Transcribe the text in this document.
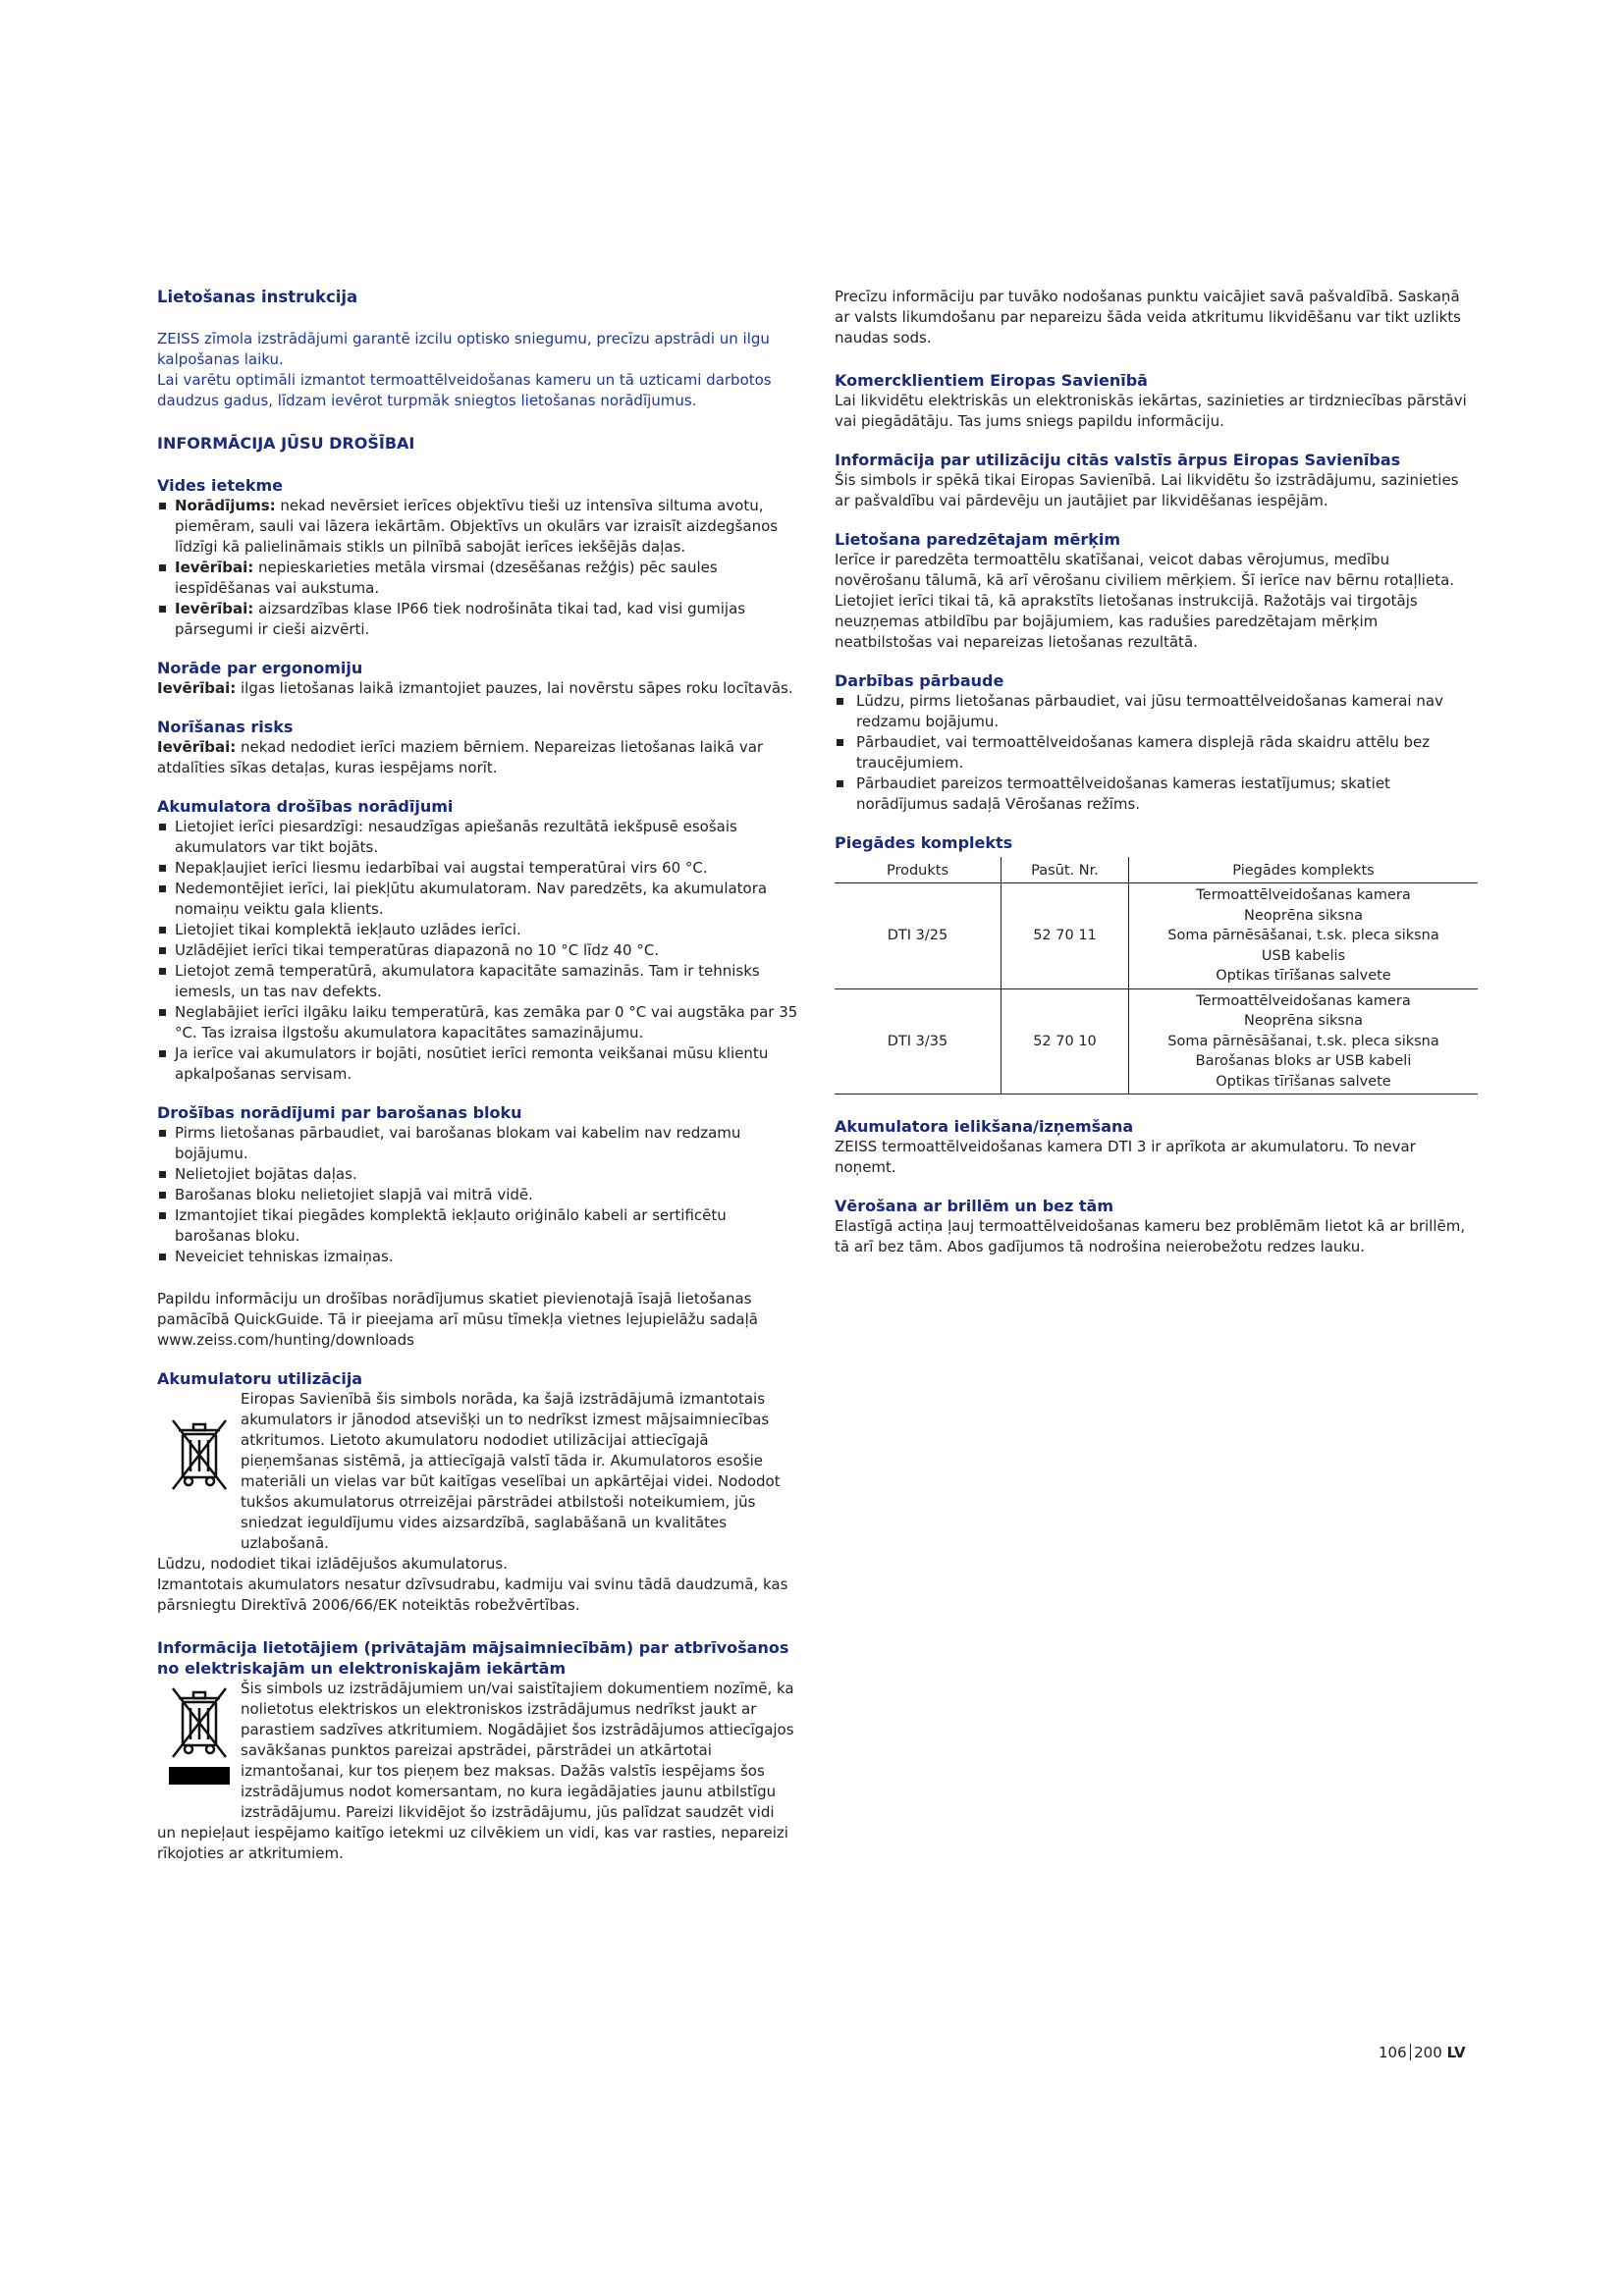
Lietošanas instrukcija

ZEISS zīmola izstrādājumi garantē izcilu optisko sniegumu, precīzu apstrādi un ilgu kalpošanas laiku.

Lai varētu optimāli izmantot termoattēlveidošanas kameru un tā uzticami darbotos daudzus gadus, līdzam ievērot turpmāk sniegtos lietošanas norādījumus.

INFORMĀCIJA JŪSU DROŠĪBAI
Vides ietekme
Norādījums: nekad nevērsiet ierīces objektīvu tieši uz intensīva siltuma avotu, piemēram, sauli vai lāzera iekārtām. Objektīvs un okulārs var izraisīt aizdegšanos līdzīgi kā palielināmais stikls un pilnībā sabojāt ierīces iekšējās daļas.
Ievērībai: nepieskarieties metāla virsmai (dzesēšanas režģis) pēc saules iespīdēšanas vai aukstuma.
Ievērībai: aizsardzības klase IP66 tiek nodrošināta tikai tad, kad visi gumijas pārsegumi ir cieši aizvērti.
Norāde par ergonomiju

Ievērībai: ilgas lietošanas laikā izmantojiet pauzes, lai novērstu sāpes roku locītavās.

Norīšanas risks

Ievērībai: nekad nedodiet ierīci maziem bērniem. Nepareizas lietošanas laikā var atdalīties sīkas detaļas, kuras iespējams norīt.

Akumulatora drošības norādījumi
Lietojiet ierīci piesardzīgi: nesaudzīgas apiešanās rezultātā iekšpusē esošais akumulators var tikt bojāts.
Nepakļaujiet ierīci liesmu iedarbībai vai augstai temperatūrai virs 60 °C.
Nedemontējiet ierīci, lai piekļūtu akumulatoram. Nav paredzēts, ka akumulatora nomaiņu veiktu gala klients.
Lietojiet tikai komplektā iekļauto uzlādes ierīci.
Uzlādējiet ierīci tikai temperatūras diapazonā no 10 °C līdz 40 °C.
Lietojot zemā temperatūrā, akumulatora kapacitāte samazinās. Tam ir tehnisks iemesls, un tas nav defekts.
Neglabājiet ierīci ilgāku laiku temperatūrā, kas zemāka par 0 °C vai augstāka par 35 °C. Tas izraisa ilgstošu akumulatora kapacitātes samazinājumu.
Ja ierīce vai akumulators ir bojāti, nosūtiet ierīci remonta veikšanai mūsu klientu apkalpošanas servisam.
Drošības norādījumi par barošanas bloku
Pirms lietošanas pārbaudiet, vai barošanas blokam vai kabelim nav redzamu bojājumu.
Nelietojiet bojātas daļas.
Barošanas bloku nelietojiet slapjā vai mitrā vidē.
Izmantojiet tikai piegādes komplektā iekļauto oriģinālo kabeli ar sertificētu barošanas bloku.
Neveiciet tehniskas izmaiņas.

Papildu informāciju un drošības norādījumus skatiet pievienotajā īsajā lietošanas pamācībā QuickGuide. Tā ir pieejama arī mūsu tīmekļa vietnes lejupielāžu sadaļā www.zeiss.com/hunting/downloads

Akumulatoru utilizācija

Eiropas Savienībā šis simbols norāda, ka šajā izstrādājumā izmantotais akumulators ir jānodod atsevišķi un to nedrīkst izmest mājsaimniecības atkritumos. Lietoto akumulatoru nododiet utilizācijai attiecīgajā pieņemšanas sistēmā, ja attiecīgajā valstī tāda ir. Akumulatoros esošie materiāli un vielas var būt kaitīgas veselībai un apkārtējai videi. Nododot tukšos akumulatorus otrreizējai pārstrādei atbilstoši noteikumiem, jūs sniedzat ieguldījumu vides aizsardzībā, saglabāšanā un kvalitātes uzlabošanā.

Lūdzu, nododiet tikai izlādējušos akumulatorus.

Izmantotais akumulators nesatur dzīvsudrabu, kadmiju vai svinu tādā daudzumā, kas pārsniegtu Direktīvā 2006/66/EK noteiktās robežvērtības.

Informācija lietotājiem (privātajām mājsaimniecībām) par atbrīvošanos no elektriskajām un elektroniskajām iekārtām

Šis simbols uz izstrādājumiem un/vai saistītajiem dokumentiem nozīmē, ka nolietotus elektriskos un elektroniskos izstrādājumus nedrīkst jaukt ar parastiem sadzīves atkritumiem. Nogādājiet šos izstrādājumos attiecīgajos savākšanas punktos pareizai apstrādei, pārstrādei un atkārtotai izmantošanai, kur tos pieņem bez maksas. Dažās valstīs iespējams šos izstrādājumus nodot komersantam, no kura iegādājaties jaunu atbilstīgu izstrādājumu. Pareizi likvidējot šo izstrādājumu, jūs palīdzat saudzēt vidi

un nepieļaut iespējamo kaitīgo ietekmi uz cilvēkiem un vidi, kas var rasties, nepareizi rīkojoties ar atkritumiem.

Precīzu informāciju par tuvāko nodošanas punktu vaicājiet savā pašvaldībā. Saskaņā ar valsts likumdošanu par nepareizu šāda veida atkritumu likvidēšanu var tikt uzlikts naudas sods.

Komercklientiem Eiropas Savienībā

Lai likvidētu elektriskās un elektroniskās iekārtas, sazinieties ar tirdzniecības pārstāvi vai piegādātāju. Tas jums sniegs papildu informāciju.

Informācija par utilizāciju citās valstīs ārpus Eiropas Savienības

Šis simbols ir spēkā tikai Eiropas Savienībā. Lai likvidētu šo izstrādājumu, sazinieties ar pašvaldību vai pārdevēju un jautājiet par likvidēšanas iespējām.

Lietošana paredzētajam mērķim

Ierīce ir paredzēta termoattēlu skatīšanai, veicot dabas vērojumus, medību novērošanu tālumā, kā arī vērošanu civiliem mērķiem. Šī ierīce nav bērnu rotaļlieta. Lietojiet ierīci tikai tā, kā aprakstīts lietošanas instrukcijā. Ražotājs vai tirgotājs neuzņemas atbildību par bojājumiem, kas radušies paredzētajam mērķim neatbilstošas vai nepareizas lietošanas rezultātā.

Darbības pārbaude
Lūdzu, pirms lietošanas pārbaudiet, vai jūsu termoattēlveidošanas kamerai nav redzamu bojājumu.
Pārbaudiet, vai termoattēlveidošanas kamera displejā rāda skaidru attēlu bez traucējumiem.
Pārbaudiet pareizos termoattēlveidošanas kameras iestatījumus; skatiet norādījumus sadaļā Vērošanas režīms.
Piegādes komplekts
Produkts	Pasūt. Nr.	Piegādes komplekts
DTI 3/25	52 70 11	Termoattēlveidošanas kamera
Neoprēna siksna
Soma pārnēsāšanai, t.sk. pleca siksna
USB kabelis
Optikas tīrīšanas salvete

DTI 3/35	52 70 10	Termoattēlveidošanas kamera
Neoprēna siksna
Soma pārnēsāšanai, t.sk. pleca siksna
Barošanas bloks ar USB kabeli
Optikas tīrīšanas salvete
Akumulatora ielikšana/izņemšana

ZEISS termoattēlveidošanas kamera DTI 3 ir aprīkota ar akumulatoru. To nevar noņemt.

Vērošana ar brillēm un bez tām

Elastīgā actiņa ļauj termoattēlveidošanas kameru bez problēmām lietot kā ar brillēm, tā arī bez tām. Abos gadījumos tā nodrošina neierobežotu redzes lauku.

106 200 LV
